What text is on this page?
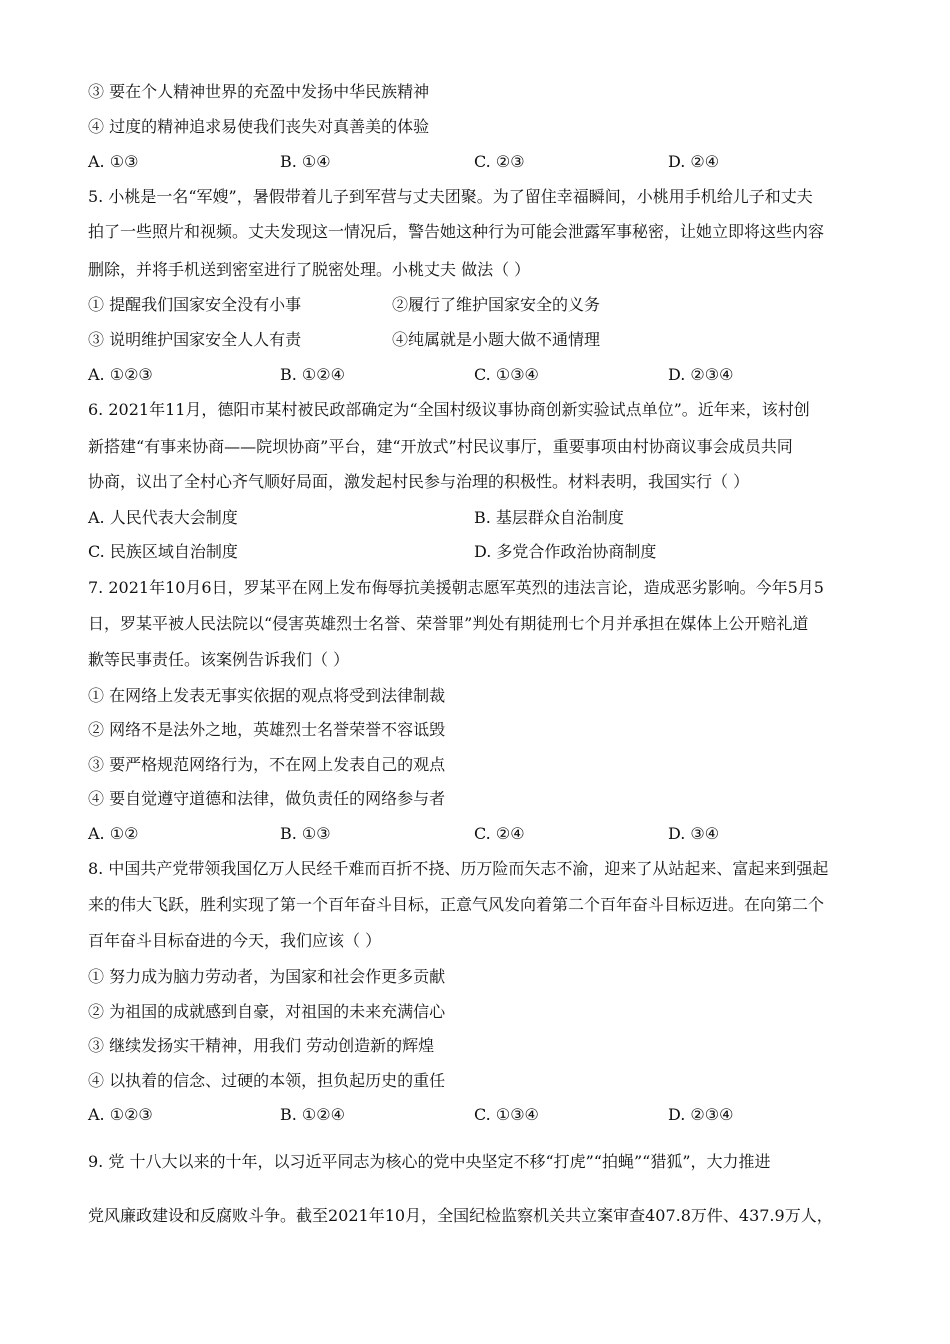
③ 要在个人精神世界的充盈中发扬中华民族精神
④ 过度的精神追求易使我们丧失对真善美的体验
A. ①③	B. ①④	C. ②③	D. ②④
5. 小桃是一名“军嫂”，暑假带着儿子到军营与丈夫团聚。为了留住幸福瞬间，小桃用手机给儿子和丈夫
拍了一些照片和视频。丈夫发现这一情况后，警告她这种行为可能会泄露军事秘密，让她立即将这些内容
删除，并将手机送到密室进行了脱密处理。小桃丈夫 做法（ ）
① 提醒我们国家安全没有小事	②履行了维护国家安全的义务
③ 说明维护国家安全人人有责	④纯属就是小题大做不通情理
A. ①②③	B. ①②④	C. ①③④	D. ②③④
6. 2021年11月，德阳市某村被民政部确定为“全国村级议事协商创新实验试点单位”。近年来，该村创
新搭建“有事来协商——院坝协商”平台，建“开放式”村民议事厅，重要事项由村协商议事会成员共同
协商，议出了全村心齐气顺好局面，激发起村民参与治理的积极性。材料表明，我国实行（ ）
A. 人民代表大会制度	B. 基层群众自治制度
C. 民族区域自治制度	D. 多党合作政治协商制度
7. 2021年10月6日，罗某平在网上发布侮辱抗美援朝志愿军英烈的违法言论，造成恶劣影响。今年5月5
日，罗某平被人民法院以“侵害英雄烈士名誉、荣誉罪”判处有期徒刑七个月并承担在媒体上公开赔礼道
歉等民事责任。该案例告诉我们（ ）
① 在网络上发表无事实依据的观点将受到法律制裁
② 网络不是法外之地，英雄烈士名誉荣誉不容诋毁
③ 要严格规范网络行为，不在网上发表自己的观点
④ 要自觉遵守道德和法律，做负责任的网络参与者
A. ①②	B. ①③	C. ②④	D. ③④
8. 中国共产党带领我国亿万人民经千难而百折不挠、历万险而矢志不渝，迎来了从站起来、富起来到强起
来的伟大飞跃，胜利实现了第一个百年奋斗目标，正意气风发向着第二个百年奋斗目标迈进。在向第二个
百年奋斗目标奋进的今天，我们应该（ ）
① 努力成为脑力劳动者，为国家和社会作更多贡献
② 为祖国的成就感到自豪，对祖国的未来充满信心
③ 继续发扬实干精神，用我们 劳动创造新的辉煌
④ 以执着的信念、过硬的本领，担负起历史的重任
A. ①②③	B. ①②④	C. ①③④	D. ②③④
9. 党 十八大以来的十年，以习近平同志为核心的党中央坚定不移“打虎”“拍蝇”“猎狐”，大力推进
党风廉政建设和反腐败斗争。截至2021年10月，全国纪检监察机关共立案审查407.8万件、437.9万人，
